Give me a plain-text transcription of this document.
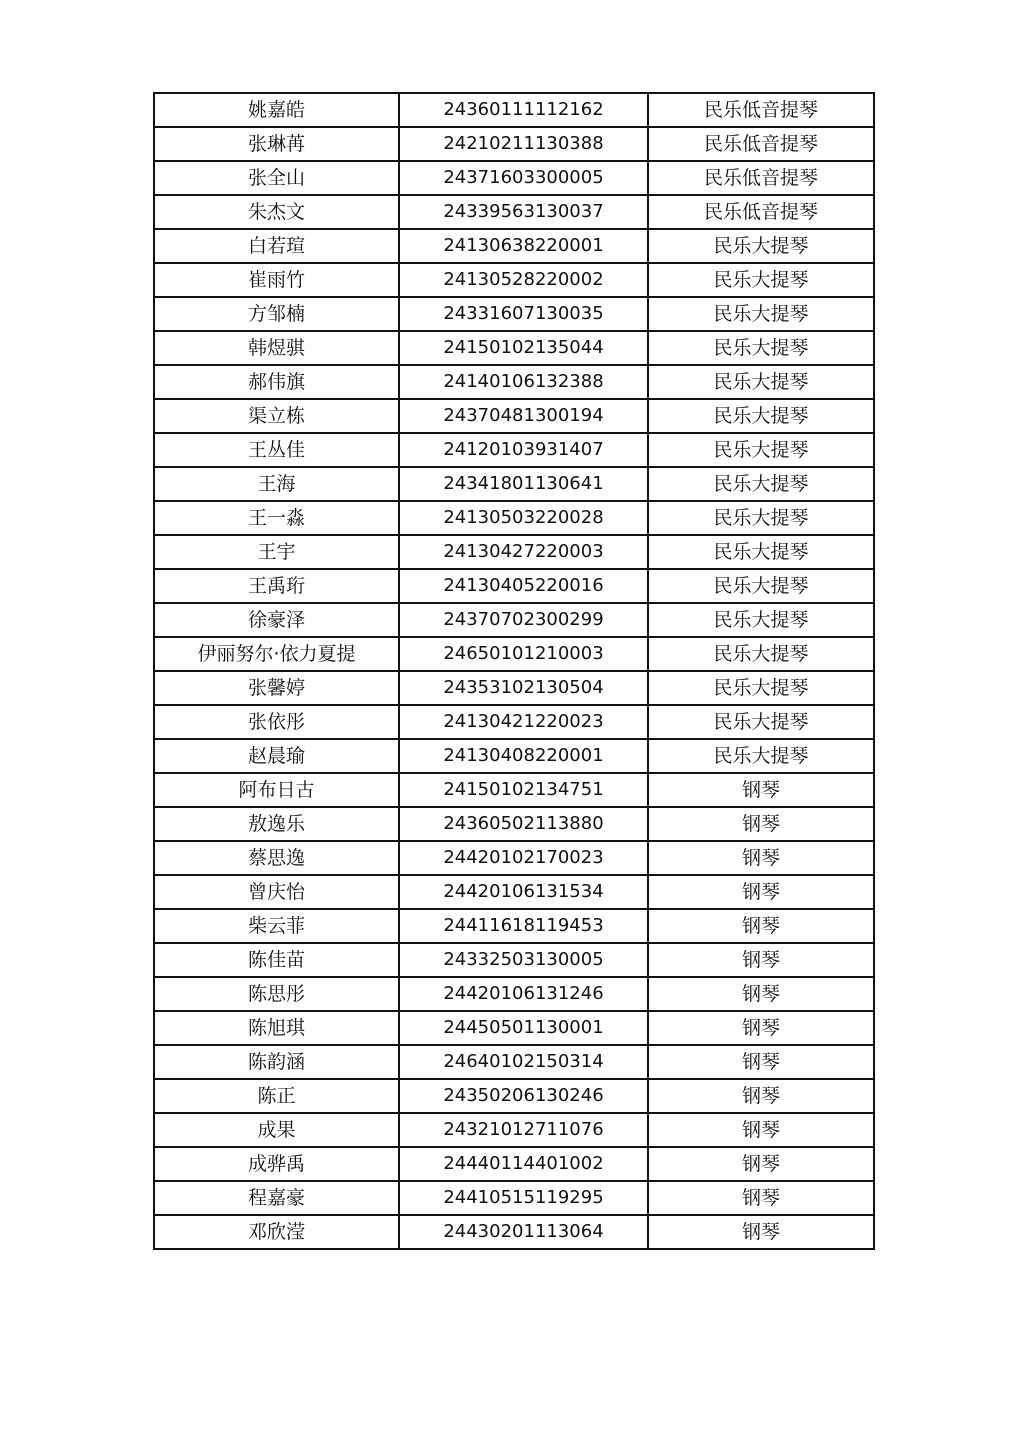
姚嘉皓	24360111112162	民乐低音提琴
张琳苒	24210211130388	民乐低音提琴
张全山	24371603300005	民乐低音提琴
朱杰文	24339563130037	民乐低音提琴
白若瑄	24130638220001	民乐大提琴
崔雨竹	24130528220002	民乐大提琴
方邹楠	24331607130035	民乐大提琴
韩煜骐	24150102135044	民乐大提琴
郝伟旗	24140106132388	民乐大提琴
渠立栋	24370481300194	民乐大提琴
王丛佳	24120103931407	民乐大提琴
王海	24341801130641	民乐大提琴
王一淼	24130503220028	民乐大提琴
王宇	24130427220003	民乐大提琴
王禹珩	24130405220016	民乐大提琴
徐豪泽	24370702300299	民乐大提琴
伊丽努尔·依力夏提	24650101210003	民乐大提琴
张馨婷	24353102130504	民乐大提琴
张依彤	24130421220023	民乐大提琴
赵晨瑜	24130408220001	民乐大提琴
阿布日古	24150102134751	钢琴
敖逸乐	24360502113880	钢琴
蔡思逸	24420102170023	钢琴
曾庆怡	24420106131534	钢琴
柴云菲	24411618119453	钢琴
陈佳苗	24332503130005	钢琴
陈思彤	24420106131246	钢琴
陈旭琪	24450501130001	钢琴
陈韵涵	24640102150314	钢琴
陈正	24350206130246	钢琴
成果	24321012711076	钢琴
成骅禹	24440114401002	钢琴
程嘉豪	24410515119295	钢琴
邓欣滢	24430201113064	钢琴
